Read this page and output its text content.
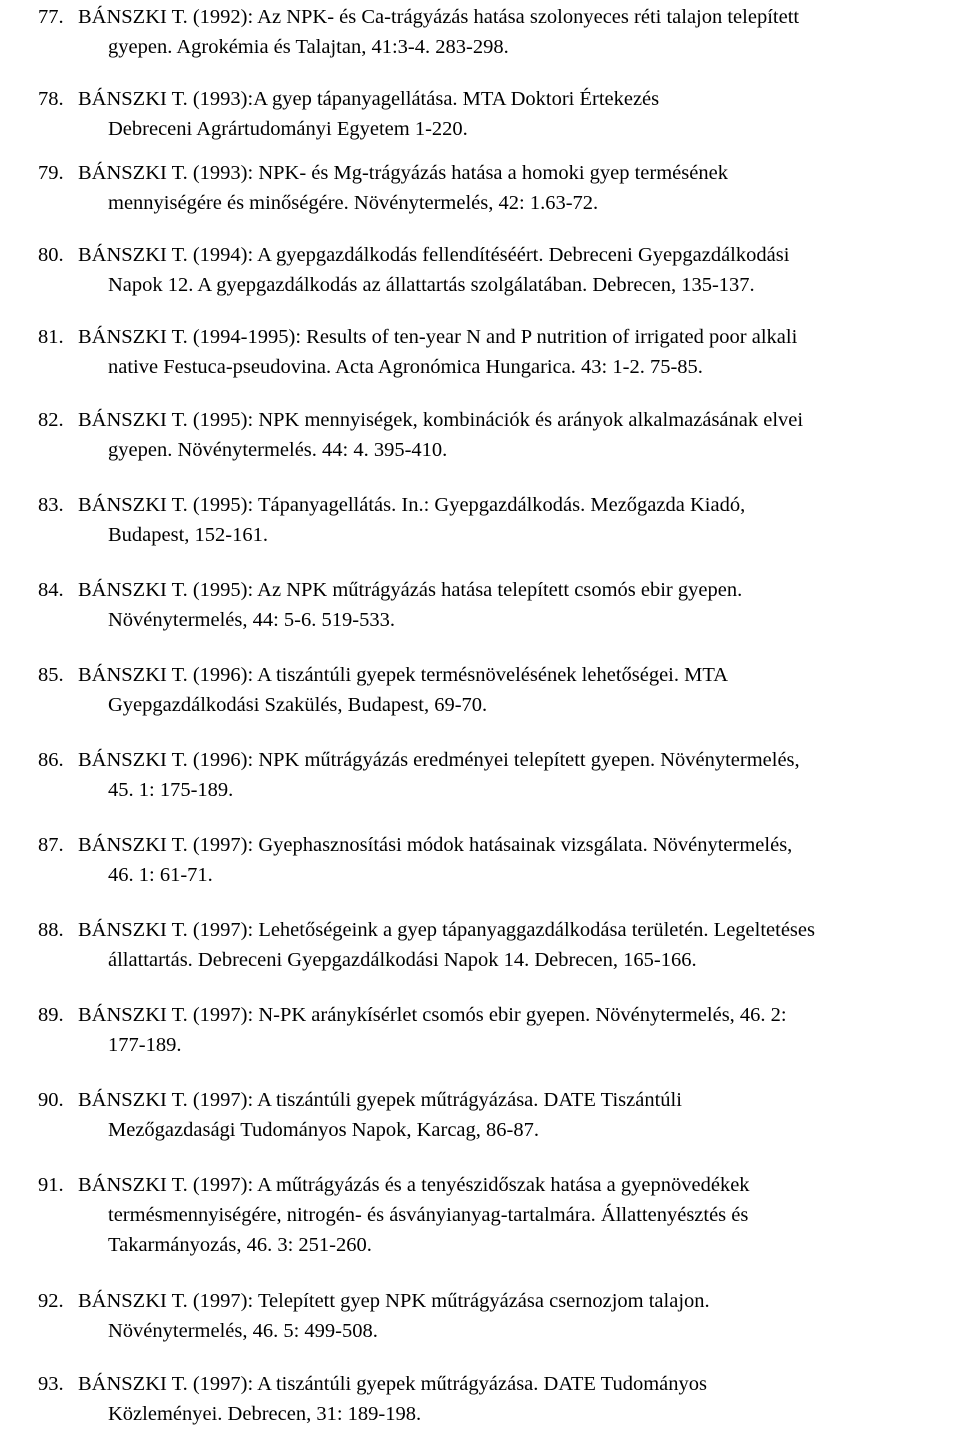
77. BÁNSZKI T. (1992): Az NPK- és Ca-trágyázás hatása szolonyeces réti talajon telepített
gyepen. Agrokémia és Talajtan, 41:3-4. 283-298.
78. BÁNSZKI T. (1993):A gyep tápanyagellátása. MTA Doktori Értekezés
Debreceni Agrártudományi Egyetem 1-220.
79. BÁNSZKI T. (1993): NPK- és Mg-trágyázás hatása a homoki gyep termésének
mennyiségére és minőségére. Növénytermelés, 42: 1.63-72.
80. BÁNSZKI T. (1994): A gyepgazdálkodás fellendítéséért. Debreceni Gyepgazdálkodási
Napok 12. A gyepgazdálkodás az állattartás szolgálatában. Debrecen, 135-137.
81. BÁNSZKI T. (1994-1995): Results of ten-year N and P nutrition of irrigated poor alkali
native Festuca-pseudovina. Acta Agronómica Hungarica. 43: 1-2. 75-85.
82. BÁNSZKI T. (1995): NPK mennyiségek, kombinációk és arányok alkalmazásának elvei
gyepen. Növénytermelés. 44: 4. 395-410.
83. BÁNSZKI T. (1995): Tápanyagellátás. In.: Gyepgazdálkodás. Mezőgazda Kiadó,
Budapest, 152-161.
84. BÁNSZKI T. (1995): Az NPK műtrágyázás hatása telepített csomós ebir gyepen.
Növénytermelés, 44: 5-6. 519-533.
85. BÁNSZKI T. (1996): A tiszántúli gyepek termésnövelésének lehetőségei. MTA
Gyepgazdálkodási Szakülés, Budapest, 69-70.
86. BÁNSZKI T. (1996): NPK műtrágyázás eredményei telepített gyepen. Növénytermelés,
45. 1: 175-189.
87. BÁNSZKI T. (1997): Gyephasznosítási módok hatásainak vizsgálata. Növénytermelés,
46. 1: 61-71.
88. BÁNSZKI T. (1997): Lehetőségeink a gyep tápanyaggazdálkodása területén. Legeltetéses
állattartás. Debreceni Gyepgazdálkodási Napok 14. Debrecen, 165-166.
89. BÁNSZKI T. (1997): N-PK aránykísérlet csomós ebir gyepen. Növénytermelés, 46. 2:
177-189.
90. BÁNSZKI T. (1997): A tiszántúli gyepek műtrágyázása. DATE Tiszántúli
Mezőgazdasági Tudományos Napok, Karcag, 86-87.
91. BÁNSZKI T. (1997): A műtrágyázás és a tenyészidőszak hatása a gyepnövedékek
termésmennyiségére, nitrogén- és ásványianyag-tartalmára. Állattenyésztés és
Takarmányozás, 46. 3: 251-260.
92. BÁNSZKI T. (1997): Telepített gyep NPK műtrágyázása csernozjom talajon.
Növénytermelés, 46. 5: 499-508.
93. BÁNSZKI T. (1997): A tiszántúli gyepek műtrágyázása. DATE Tudományos
Közleményei. Debrecen, 31: 189-198.
